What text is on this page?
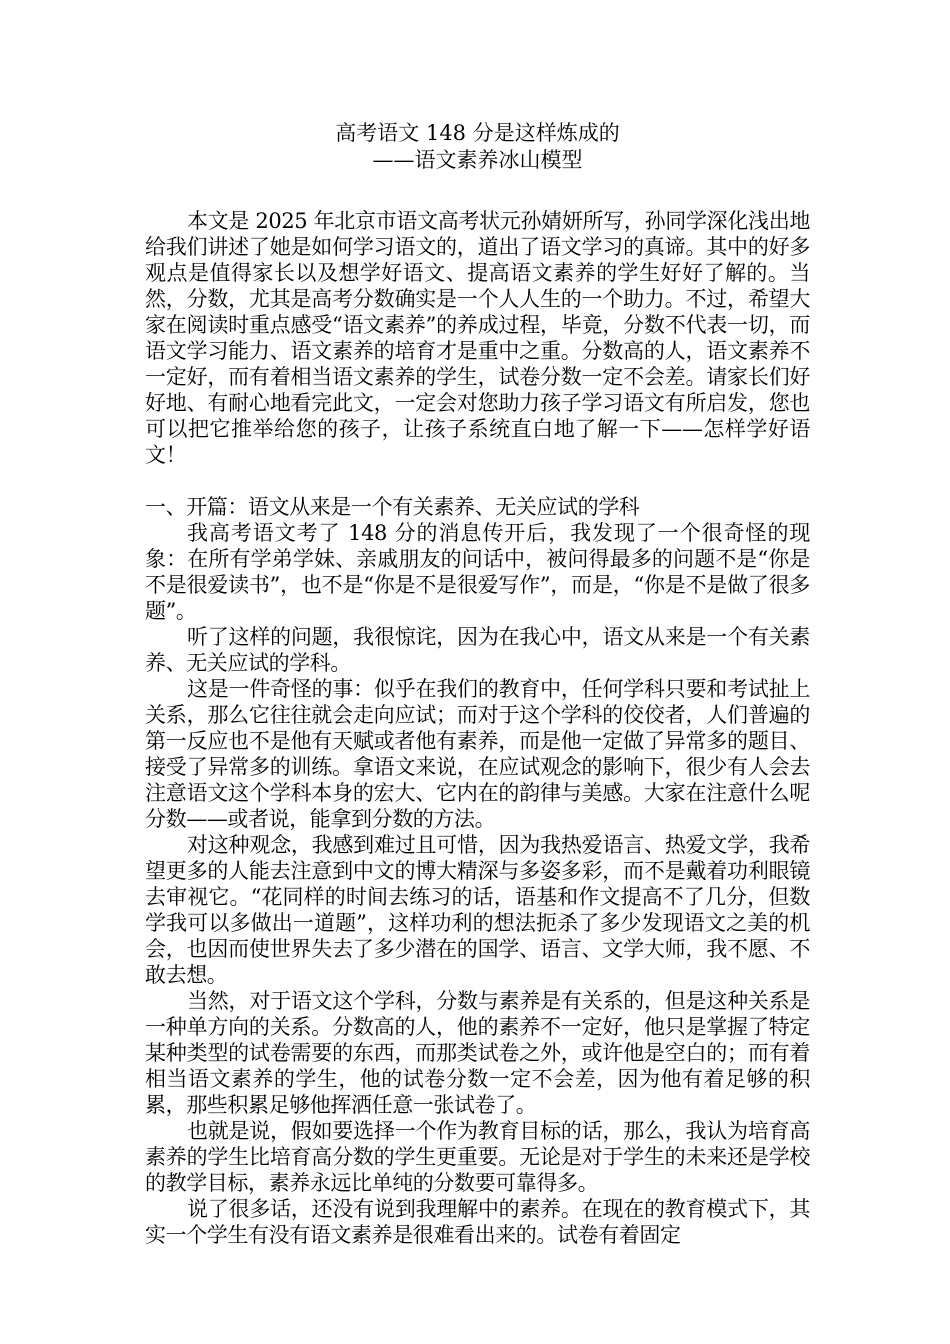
高考语文 148 分是这样炼成的
——语文素养冰山模型

本文是 2025 年北京市语文高考状元孙婧妍所写，孙同学深化浅出地给我们讲述了她是如何学习语文的，道出了语文学习的真谛。其中的好多观点是值得家长以及想学好语文、提高语文素养的学生好好了解的。当然，分数，尤其是高考分数确实是一个人人生的一个助力。不过，希望大家在阅读时重点感受“语文素养”的养成过程，毕竟，分数不代表一切，而语文学习能力、语文素养的培育才是重中之重。分数高的人，语文素养不一定好，而有着相当语文素养的学生，试卷分数一定不会差。请家长们好好地、有耐心地看完此文，一定会对您助力孩子学习语文有所启发，您也可以把它推举给您的孩子，让孩子系统直白地了解一下——怎样学好语文！

一、开篇：语文从来是一个有关素养、无关应试的学科

我高考语文考了 148 分的消息传开后，我发现了一个很奇怪的现象：在所有学弟学妹、亲戚朋友的问话中，被问得最多的问题不是“你是不是很爱读书”，也不是“你是不是很爱写作”，而是，“你是不是做了很多题”。

听了这样的问题，我很惊诧，因为在我心中，语文从来是一个有关素养、无关应试的学科。

这是一件奇怪的事：似乎在我们的教育中，任何学科只要和考试扯上关系，那么它往往就会走向应试；而对于这个学科的佼佼者，人们普遍的第一反应也不是他有天赋或者他有素养，而是他一定做了异常多的题目、接受了异常多的训练。拿语文来说，在应试观念的影响下，很少有人会去注意语文这个学科本身的宏大、它内在的韵律与美感。大家在注意什么呢分数——或者说，能拿到分数的方法。

对这种观念，我感到难过且可惜，因为我热爱语言、热爱文学，我希望更多的人能去注意到中文的博大精深与多姿多彩，而不是戴着功利眼镜去审视它。“花同样的时间去练习的话，语基和作文提高不了几分，但数学我可以多做出一道题”，这样功利的想法扼杀了多少发现语文之美的机会，也因而使世界失去了多少潜在的国学、语言、文学大师，我不愿、不敢去想。

当然，对于语文这个学科，分数与素养是有关系的，但是这种关系是一种单方向的关系。分数高的人，他的素养不一定好，他只是掌握了特定某种类型的试卷需要的东西，而那类试卷之外，或许他是空白的；而有着相当语文素养的学生，他的试卷分数一定不会差，因为他有着足够的积累，那些积累足够他挥洒任意一张试卷了。

也就是说，假如要选择一个作为教育目标的话，那么，我认为培育高素养的学生比培育高分数的学生更重要。无论是对于学生的未来还是学校的教学目标，素养永远比单纯的分数要可靠得多。

说了很多话，还没有说到我理解中的素养。在现在的教育模式下，其实一个学生有没有语文素养是很难看出来的。试卷有着固定
